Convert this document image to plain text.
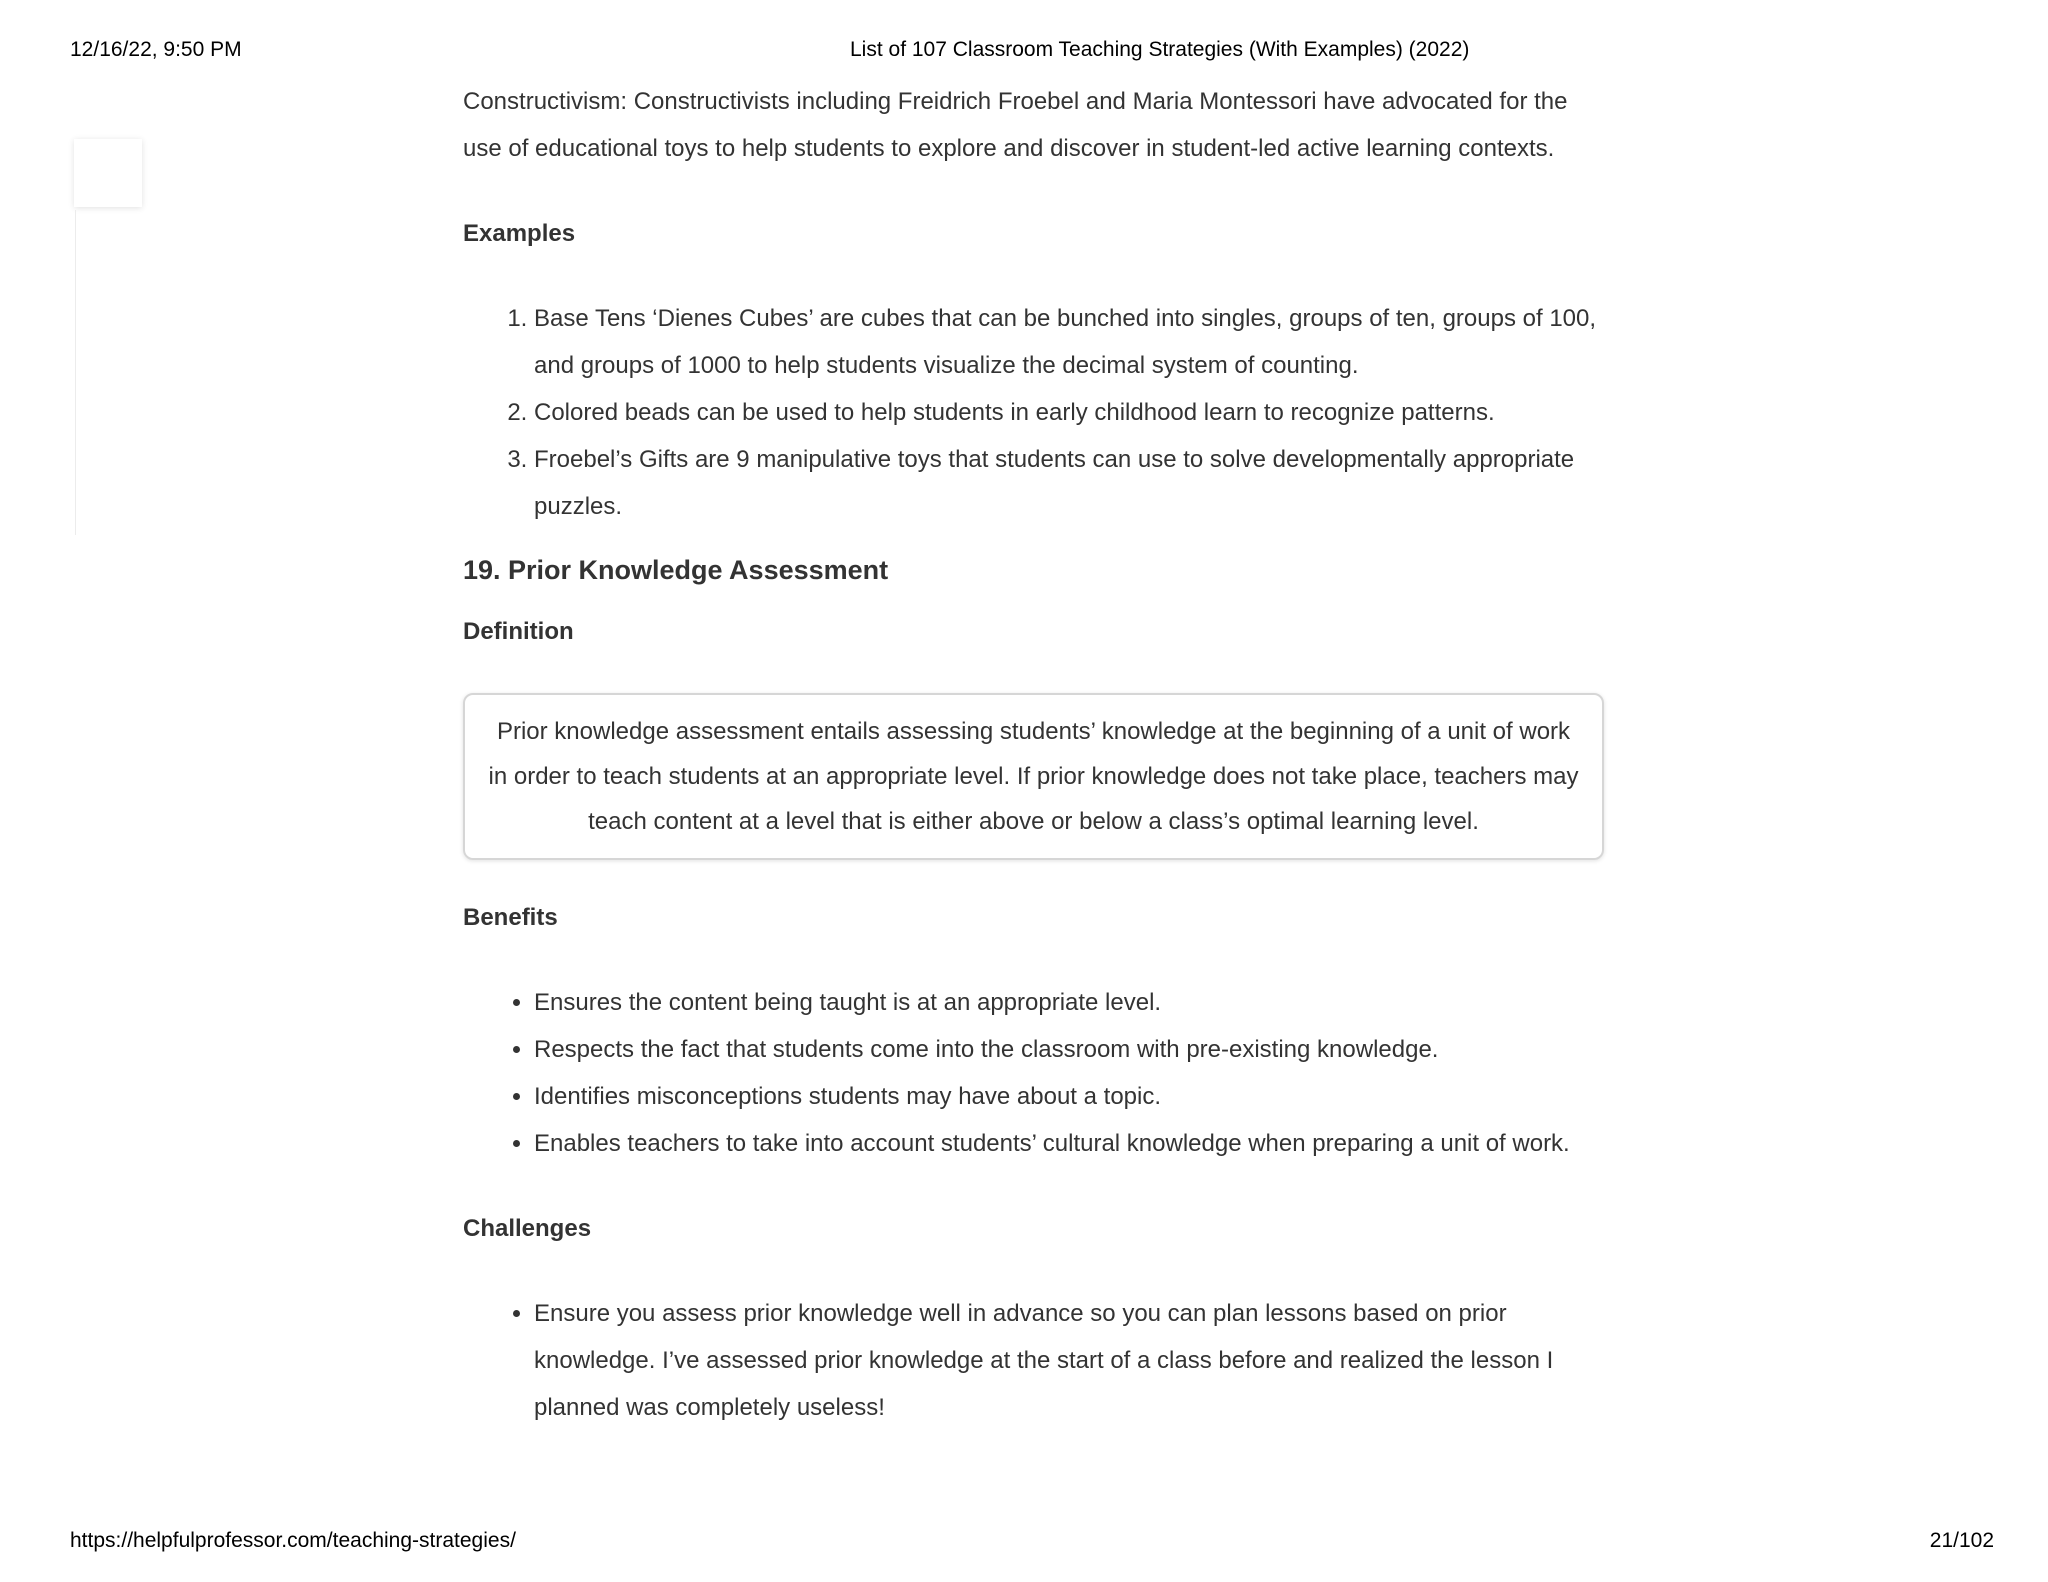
12/16/22, 9:50 PM	List of 107 Classroom Teaching Strategies (With Examples) (2022)

Constructivism: Constructivists including Freidrich Froebel and Maria Montessori have advocated for the use of educational toys to help students to explore and discover in student-led active learning contexts.

Examples

1. Base Tens ‘Dienes Cubes’ are cubes that can be bunched into singles, groups of ten, groups of 100, and groups of 1000 to help students visualize the decimal system of counting.
2. Colored beads can be used to help students in early childhood learn to recognize patterns.
3. Froebel’s Gifts are 9 manipulative toys that students can use to solve developmentally appropriate puzzles.
19. Prior Knowledge Assessment

Definition

Prior knowledge assessment entails assessing students’ knowledge at the beginning of a unit of work in order to teach students at an appropriate level. If prior knowledge does not take place, teachers may teach content at a level that is either above or below a class’s optimal learning level.

Benefits

• Ensures the content being taught is at an appropriate level.
• Respects the fact that students come into the classroom with pre-existing knowledge.
• Identifies misconceptions students may have about a topic.
• Enables teachers to take into account students’ cultural knowledge when preparing a unit of work.

Challenges

• Ensure you assess prior knowledge well in advance so you can plan lessons based on prior knowledge. I’ve assessed prior knowledge at the start of a class before and realized the lesson I planned was completely useless!
https://helpfulprofessor.com/teaching-strategies/	21/102
